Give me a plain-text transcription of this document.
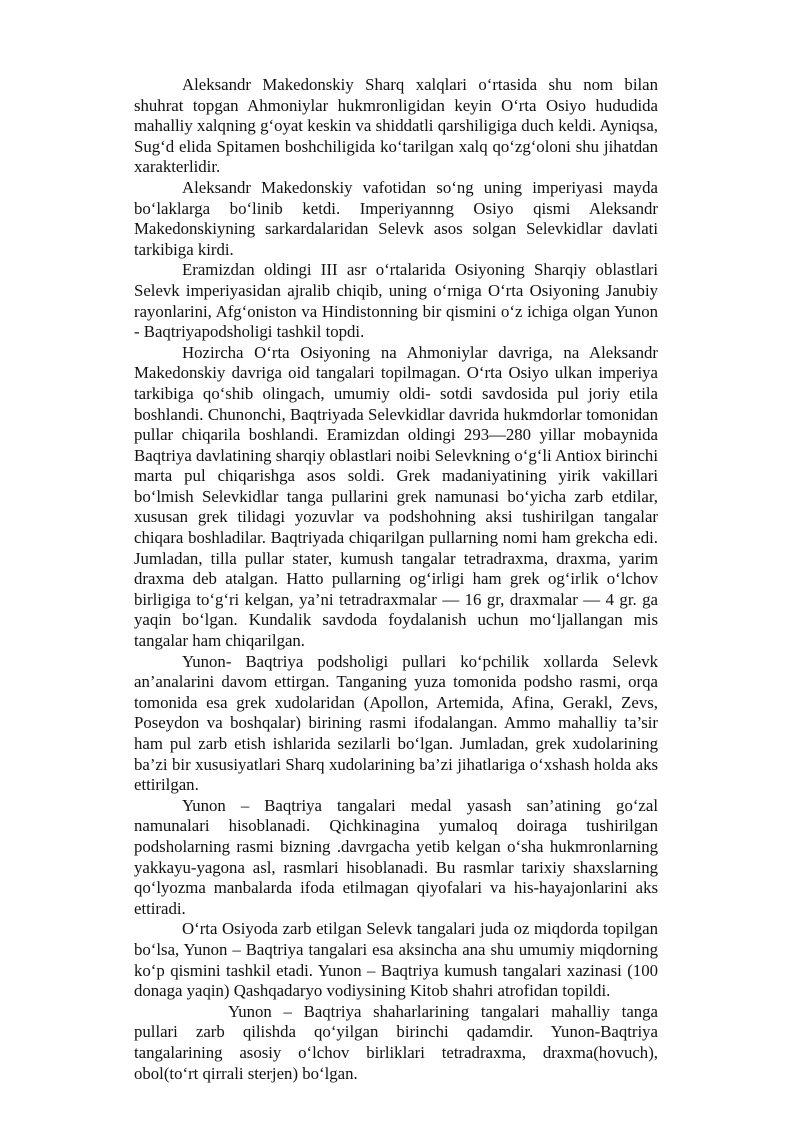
Aleksandr Makedonskiy Sharq xalqlari o‘rtasida shu nom bilan shuhrat topgan Ahmoniylar hukmronligidan keyin O‘rta Osiyo hududida mahalliy xalqning g‘oyat keskin va shiddatli qarshiligiga duch keldi. Ayniqsa, Sug‘d elida Spitamen boshchiligida ko‘tarilgan xalq qo‘zg‘oloni shu jihatdan xarakterlidir.

Aleksandr Makedonskiy vafotidan so‘ng uning imperiyasi mayda bo‘laklarga bo‘linib ketdi. Imperiyannng Osiyo qismi Aleksandr Makedonskiyning sarkardalaridan Selevk asos solgan Selevkidlar davlati tarkibiga kirdi.

Eramizdan oldingi III asr o‘rtalarida Osiyoning Sharqiy oblastlari Selevk imperiyasidan ajralib chiqib, uning o‘rniga O‘rta Osiyoning Janubiy rayonlarini, Afg‘oniston va Hindistonning bir qismini o‘z ichiga olgan Yunon - Baqtriyapodsholigi tashkil topdi.

Hozircha O‘rta Osiyoning na Ahmoniylar davriga, na Aleksandr Makedonskiy davriga oid tangalari topilmagan. O‘rta Osiyo ulkan imperiya tarkibiga qo‘shib olingach, umumiy oldi- sotdi savdosida pul joriy etila boshlandi. Chunonchi, Baqtriyada Selevkidlar davrida hukmdorlar tomonidan pullar chiqarila boshlandi. Eramizdan oldingi 293—280 yillar mobaynida Baqtriya davlatining sharqiy oblastlari noibi Selevkning o‘g‘li Antiox birinchi marta pul chiqarishga asos soldi. Grek madaniyatining yirik vakillari bo‘lmish Selevkidlar tanga pullarini grek namunasi bo‘yicha zarb etdilar, xususan grek tilidagi yozuvlar va podshohning aksi tushirilgan tangalar chiqara boshladilar. Baqtriyada chiqarilgan pullarning nomi ham grekcha edi. Jumladan, tilla pullar stater, kumush tangalar tetradraxma, draxma, yarim draxma deb atalgan. Hatto pullarning og‘irligi ham grek og‘irlik o‘lchov birligiga to‘g‘ri kelgan, ya’ni tetradraxmalar — 16 gr, draxmalar — 4 gr. ga yaqin bo‘lgan. Kundalik savdoda foydalanish uchun mo‘ljallangan mis tangalar ham chiqarilgan.

Yunon- Baqtriya podsholigi pullari ko‘pchilik xollarda Selevk an’analarini davom ettirgan. Tanganing yuza tomonida podsho rasmi, orqa tomonida esa grek xudolaridan (Apollon, Artemida, Afina, Gerakl, Zevs, Poseydon va boshqalar) birining rasmi ifodalangan. Ammo mahalliy ta’sir ham pul zarb etish ishlarida sezilarli bo‘lgan. Jumladan, grek xudolarining ba’zi bir xususiyatlari Sharq xudolarining ba’zi jihatlariga o‘xshash holda aks ettirilgan.

Yunon – Baqtriya tangalari medal yasash san’atining go‘zal namunalari hisoblanadi. Qichkinagina yumaloq doiraga tushirilgan podsholarning rasmi bizning .davrgacha yetib kelgan o‘sha hukmronlarning yakkayu-yagona asl, rasmlari hisoblanadi. Bu rasmlar tarixiy shaxslarning qo‘lyozma manbalarda ifoda etilmagan qiyofalari va his-hayajonlarini aks ettiradi.

O‘rta Osiyoda zarb etilgan Selevk tangalari juda oz miqdorda topilgan bo‘lsa, Yunon – Baqtriya tangalari esa aksincha ana shu umumiy miqdorning ko‘p qismini tashkil etadi. Yunon – Baqtriya kumush tangalari xazinasi (100 donaga yaqin) Qashqadaryo vodiysining Kitob shahri atrofidan topildi.

Yunon – Baqtriya shaharlarining tangalari mahalliy tanga pullari zarb qilishda qo‘yilgan birinchi qadamdir. Yunon-Baqtriya tangalarining asosiy o‘lchov birliklari tetradraxma, draxma(hovuch), obol(to‘rt qirrali sterjen) bo‘lgan.
